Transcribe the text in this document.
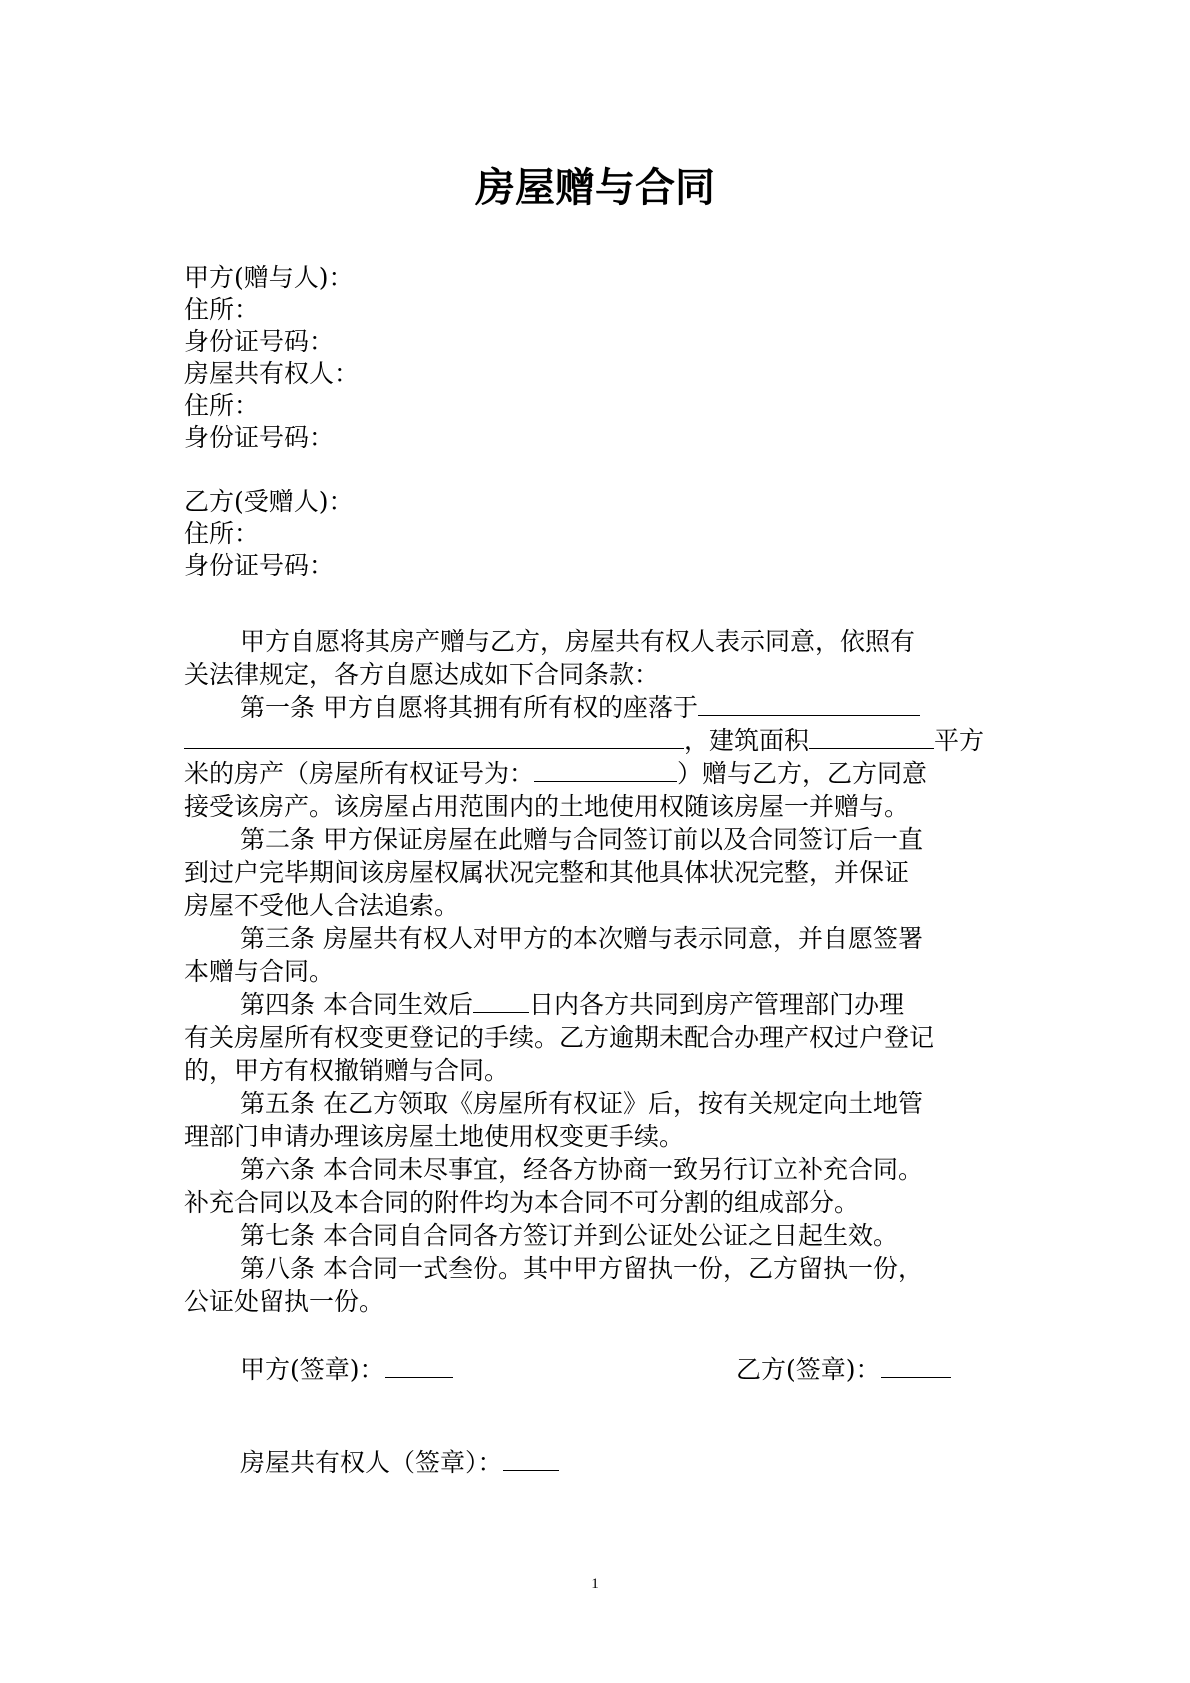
房屋赠与合同
甲方(赠与人)：
住所：
身份证号码：
房屋共有权人：
住所：
身份证号码：
乙方(受赠人)：
住所：
身份证号码：
甲方自愿将其房产赠与乙方，房屋共有权人表示同意，依照有
关法律规定，各方自愿达成如下合同条款：
第一条 甲方自愿将其拥有所有权的座落于
，建筑面积	平方
米的房产（房屋所有权证号为：	）赠与乙方，乙方同意
接受该房产。该房屋占用范围内的土地使用权随该房屋一并赠与。
第二条 甲方保证房屋在此赠与合同签订前以及合同签订后一直
到过户完毕期间该房屋权属状况完整和其他具体状况完整，并保证
房屋不受他人合法追索。
第三条 房屋共有权人对甲方的本次赠与表示同意，并自愿签署
本赠与合同。
第四条 本合同生效后 日内各方共同到房产管理部门办理
有关房屋所有权变更登记的手续。乙方逾期未配合办理产权过户登记
的，甲方有权撤销赠与合同。
第五条 在乙方领取《房屋所有权证》后，按有关规定向土地管
理部门申请办理该房屋土地使用权变更手续。
第六条 本合同未尽事宜，经各方协商一致另行订立补充合同。
补充合同以及本合同的附件均为本合同不可分割的组成部分。
第七条 本合同自合同各方签订并到公证处公证之日起生效。
第八条 本合同一式叁份。其中甲方留执一份，乙方留执一份，
公证处留执一份。
甲方(签章)：	乙方(签章)：
房屋共有权人（签章）：
1
